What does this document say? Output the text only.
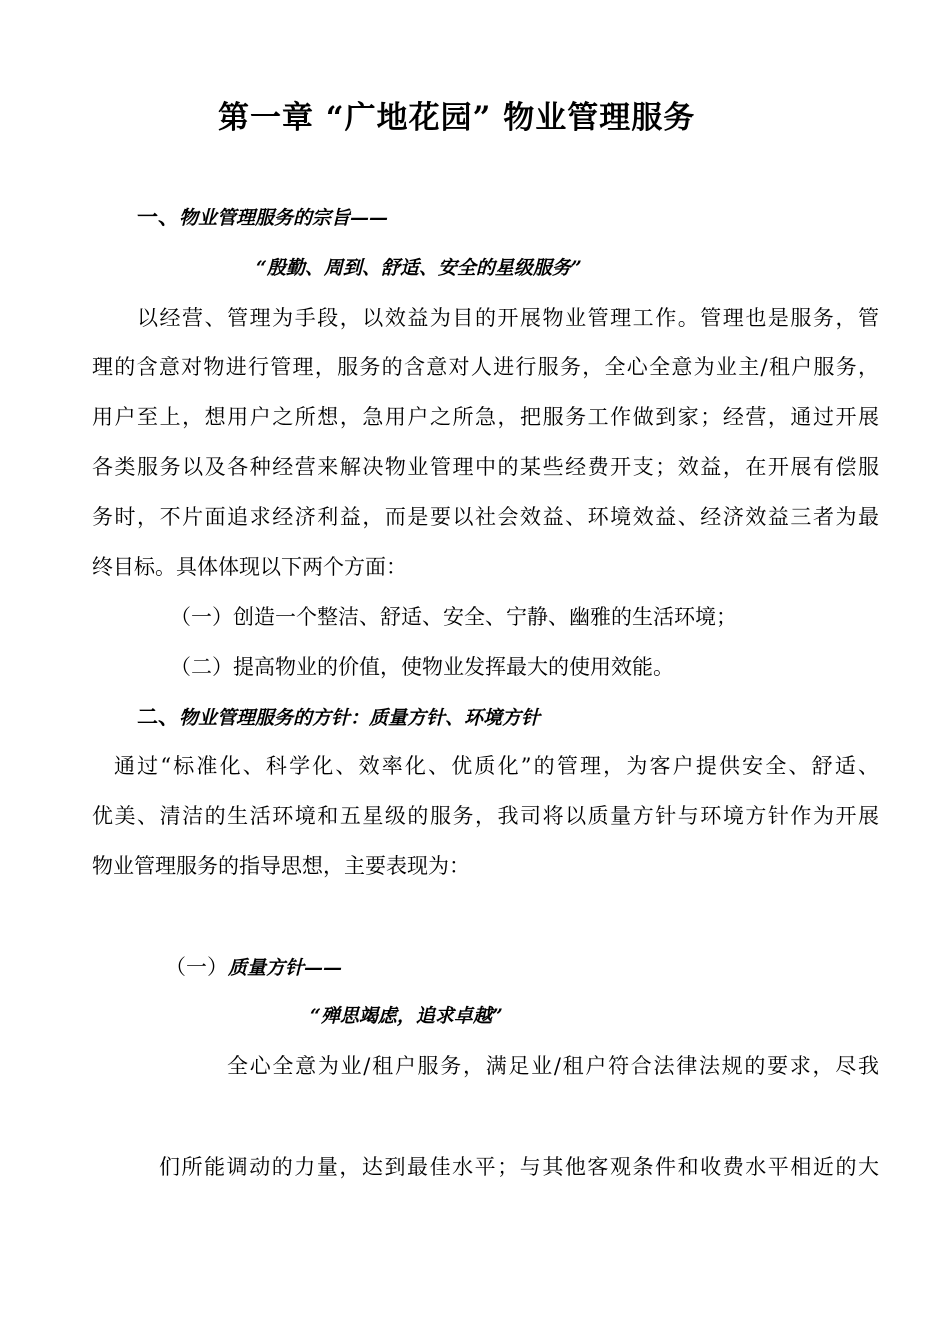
第一章 “广地花园” 物业管理服务
一、物业管理服务的宗旨——
“殷勤、周到、舒适、安全的星级服务”
以经营、管理为手段，以效益为目的开展物业管理工作。管理也是服务，管
理的含意对物进行管理，服务的含意对人进行服务，全心全意为业主/租户服务，
用户至上，想用户之所想，急用户之所急，把服务工作做到家；经营，通过开展
各类服务以及各种经营来解决物业管理中的某些经费开支；效益，在开展有偿服
务时，不片面追求经济利益，而是要以社会效益、环境效益、经济效益三者为最
终目标。具体体现以下两个方面：
（一）创造一个整洁、舒适、安全、宁静、幽雅的生活环境；
（二）提高物业的价值，使物业发挥最大的使用效能。
二、物业管理服务的方针：质量方针、环境方针
通过“标准化、科学化、效率化、优质化”的管理，为客户提供安全、舒适、
优美、清洁的生活环境和五星级的服务，我司将以质量方针与环境方针作为开展
物业管理服务的指导思想，主要表现为：
（一）质量方针——
“殚思竭虑，追求卓越”
全心全意为业/租户服务，满足业/租户符合法律法规的要求，尽我
们所能调动的力量，达到最佳水平；与其他客观条件和收费水平相近的大
